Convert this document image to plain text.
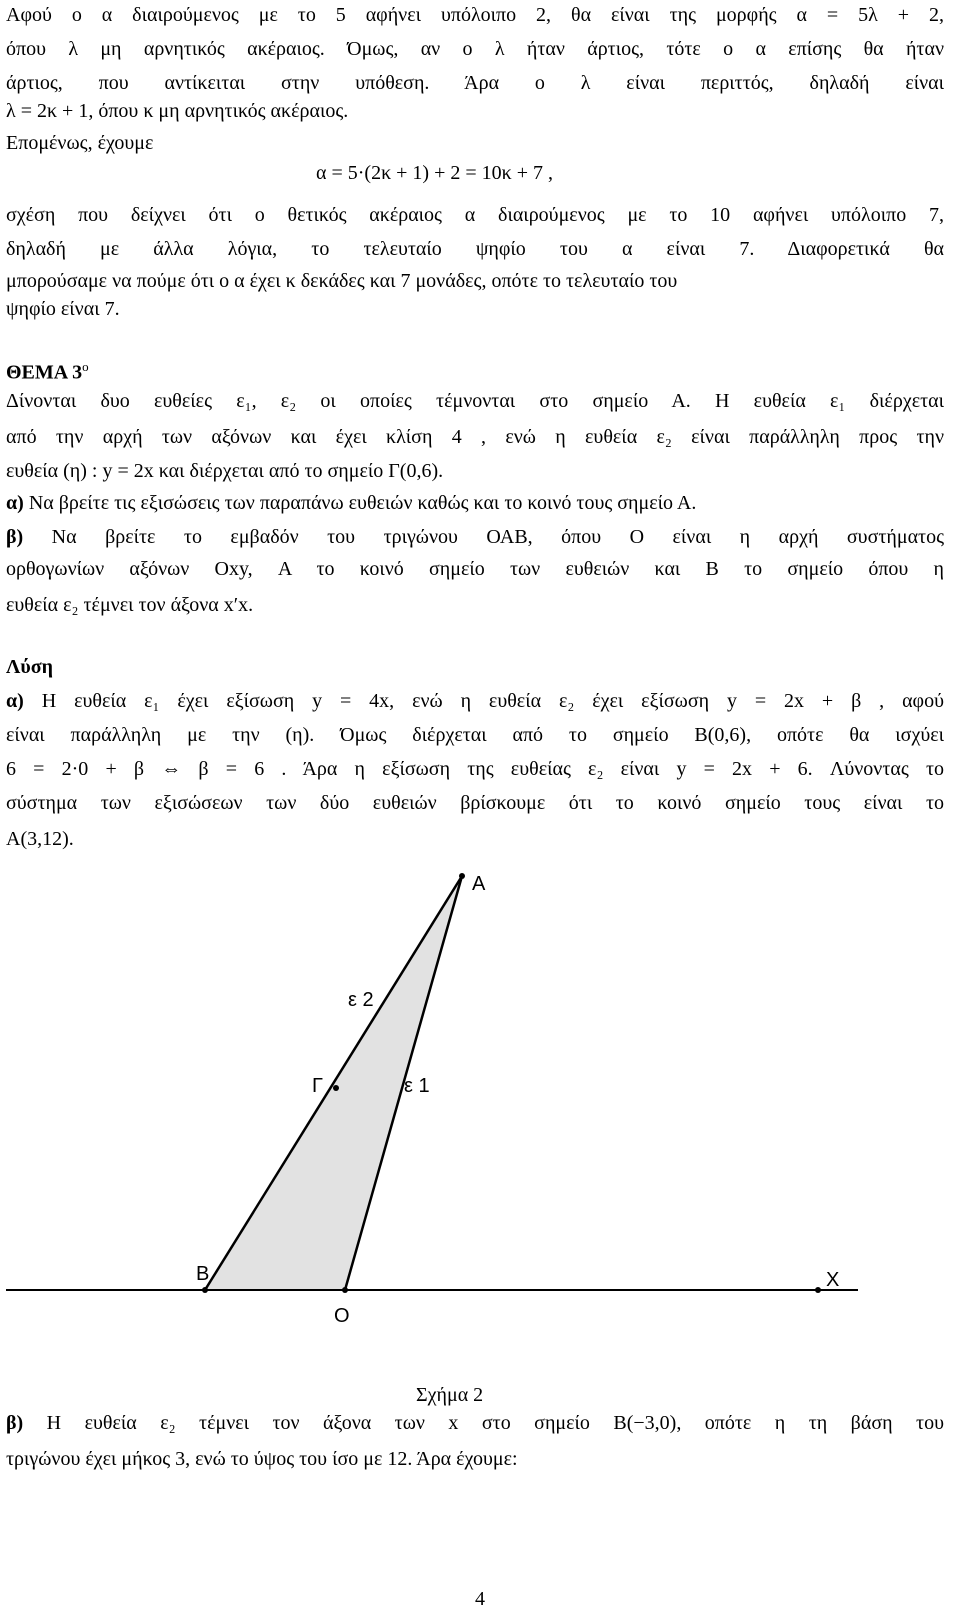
Αφού ο α διαιρούμενος με το 5 αφήνει υπόλοιπο 2, θα είναι της μορφής α = 5λ + 2,
όπου λ μη αρνητικός ακέραιος. Όμως, αν ο λ ήταν άρτιος, τότε ο α επίσης θα ήταν
άρτιος, που αντίκειται στην υπόθεση. Άρα ο λ είναι περιττός, δηλαδή είναι
λ = 2κ + 1, όπου κ μη αρνητικός ακέραιος.
Επομένως, έχουμε
α = 5·(2κ + 1) + 2 = 10κ + 7 ,
σχέση που δείχνει ότι ο θετικός ακέραιος α διαιρούμενος με το 10 αφήνει υπόλοιπο 7,
δηλαδή με άλλα λόγια, το τελευταίο ψηφίο του α είναι 7. Διαφορετικά θα
μπορούσαμε να πούμε ότι ο α έχει κ δεκάδες και 7 μονάδες, οπότε το τελευταίο του
ψηφίο είναι 7.
ΘΕΜΑ $3^o$
Δίνονται δυο ευθείες ε₁, ε₂ οι οποίες τέμνονται στο σημείο Α. Η ευθεία ε₁ διέρχεται
από την αρχή των αξόνων και έχει κλίση 4 , ενώ η ευθεία ε₂ είναι παράλληλη προς την
ευθεία (η) : y = 2x και διέρχεται από το σημείο Γ(0,6).
α) Να βρείτε τις εξισώσεις των παραπάνω ευθειών καθώς και το κοινό τους σημείο Α.
β) Να βρείτε το εμβαδόν του τριγώνου ΟΑΒ, όπου Ο είναι η αρχή συστήματος
ορθογωνίων αξόνων Oxy, Α το κοινό σημείο των ευθειών και Β το σημείο όπου η
ευθεία ε₂ τέμνει τον άξονα x′x.
Λύση
α) Η ευθεία ε₁ έχει εξίσωση y = 4x, ενώ η ευθεία ε₂ έχει εξίσωση y = 2x + β , αφού
είναι παράλληλη με την (η). Όμως διέρχεται από το σημείο Β(0,6), οπότε θα ισχύει
6 = 2·0 + β ⇔ β = 6 . Άρα η εξίσωση της ευθείας ε₂ είναι y = 2x + 6. Λύνοντας το
σύστημα των εξισώσεων των δύο ευθειών βρίσκουμε ότι το κοινό σημείο τους είναι το
Α(3,12).
A
ε 2
Γ	ε 1
B
O
X
Σχήμα 2
β) Η ευθεία ε₂ τέμνει τον άξονα των x στο σημείο Β(−3,0), οπότε η τη βάση του
τριγώνου έχει μήκος 3, ενώ το ύψος του ίσο με 12. Άρα έχουμε:
4
